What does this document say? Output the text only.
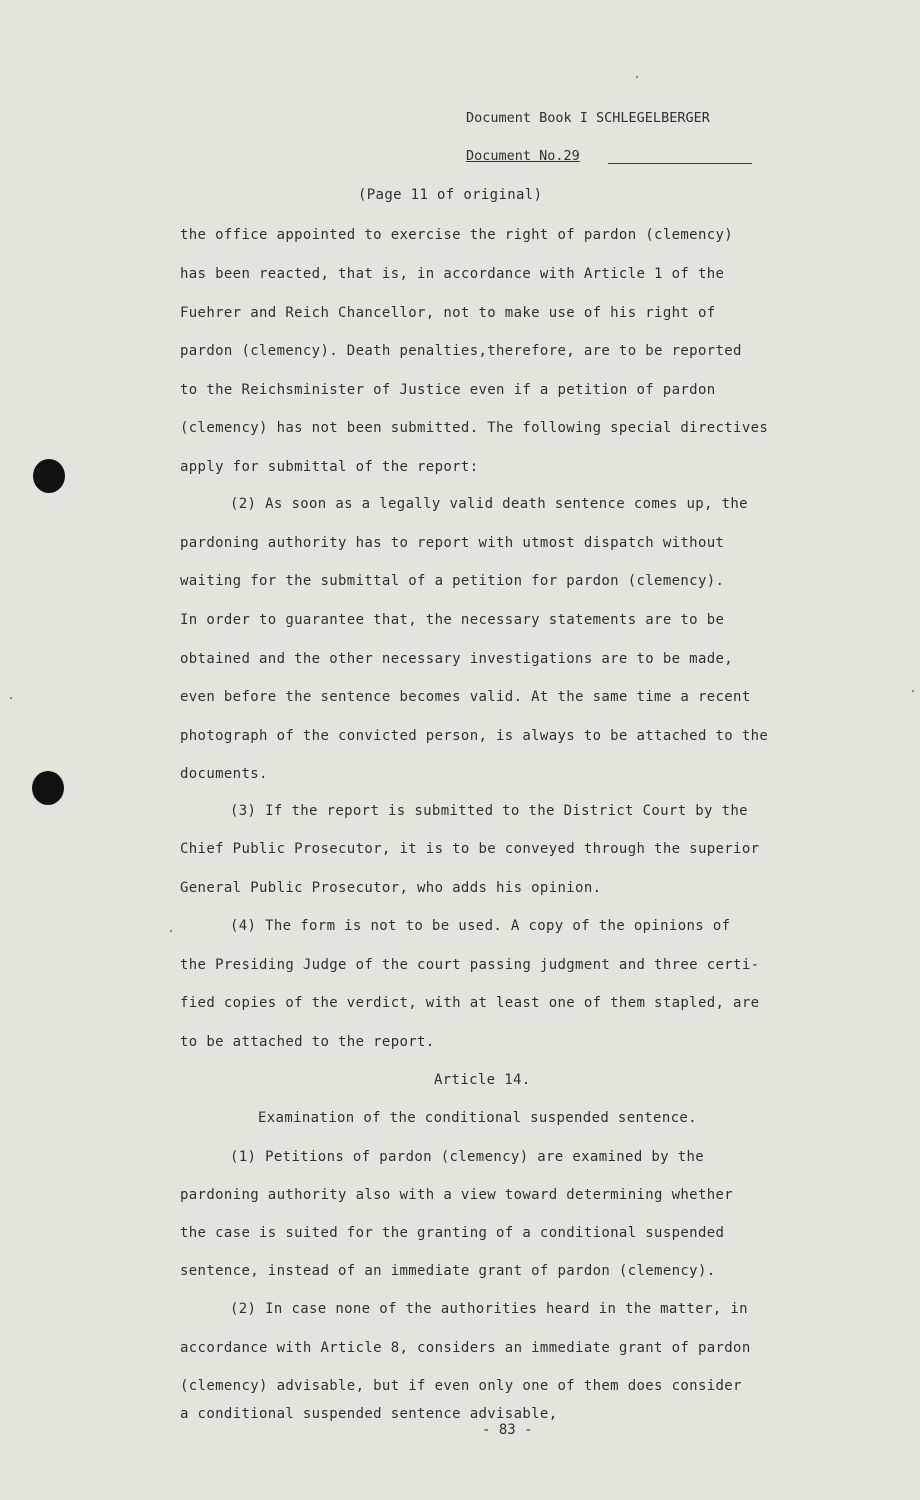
Document Book I SCHLEGELBERGER
Document No.29
(Page 11 of original)
the office appointed to exercise the right of pardon (clemency)
has been reacted, that is, in accordance with Article 1 of the
Fuehrer and Reich Chancellor, not to make use of his right of
pardon (clemency). Death penalties,therefore, are to be reported
to the Reichsminister of Justice even if a petition of pardon
(clemency) has not been submitted. The following special directives
apply for submittal of the report:
(2) As soon as a legally valid death sentence comes up, the
pardoning authority has to report with utmost dispatch without
waiting for the submittal of a petition for pardon (clemency).
In order to guarantee that, the necessary statements are to be
obtained and the other necessary investigations are to be made,
even before the sentence becomes valid. At the same time a recent
photograph of the convicted person, is always to be attached to the
documents.
(3) If the report is submitted to the District Court by the
Chief Public Prosecutor, it is to be conveyed through the superior
General Public Prosecutor, who adds his opinion.
(4) The form is not to be used. A copy of the opinions of
the Presiding Judge of the court passing judgment and three certi-
fied copies of the verdict, with at least one of them stapled, are
to be attached to the report.
Article 14.
Examination of the conditional suspended sentence.
(1) Petitions of pardon (clemency) are examined by the
pardoning authority also with a view toward determining whether
the case is suited for the granting of a conditional suspended
sentence, instead of an immediate grant of pardon (clemency).
(2) In case none of the authorities heard in the matter, in
accordance with Article 8, considers an immediate grant of pardon
(clemency) advisable, but if even only one of them does consider
a conditional suspended sentence advisable,
- 83 -
